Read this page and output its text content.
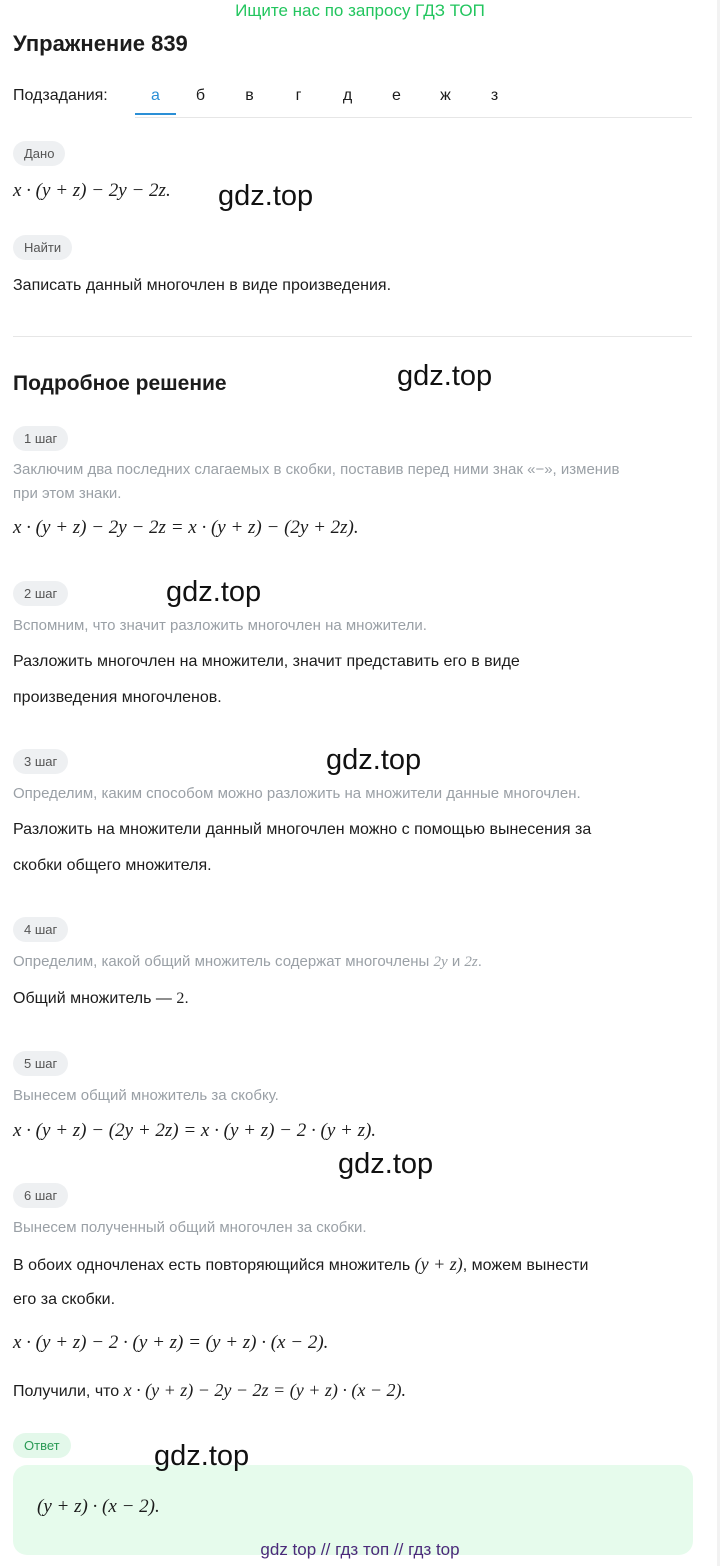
Ищите нас по запросу ГДЗ ТОП
Упражнение 839
Подзадания:	а	б	в	г	д	е	ж	з
Дано
x · (y + z) − 2y − 2z.
Найти
Записать данный многочлен в виде произведения.
Подробное решение
1 шаг
Заключим два последних слагаемых в скобки, поставив перед ними знак «−», изменив
при этом знаки.
x · (y + z) − 2y − 2z = x · (y + z) − (2y + 2z).
2 шаг
Вспомним, что значит разложить многочлен на множители.
Разложить многочлен на множители, значит представить его в виде
произведения многочленов.
3 шаг
Определим, каким способом можно разложить на множители данные многочлен.
Разложить на множители данный многочлен можно с помощью вынесения за
скобки общего множителя.
4 шаг
Определим, какой общий множитель содержат многочлены 2y и 2z.
Общий множитель — 2.
5 шаг
Вынесем общий множитель за скобку.
x · (y + z) − (2y + 2z) = x · (y + z) − 2 · (y + z).
6 шаг
Вынесем полученный общий многочлен за скобки.
В обоих одночленах есть повторяющийся множитель (y + z), можем вынести
его за скобки.
x · (y + z) − 2 · (y + z) = (y + z) · (x − 2).
Получили, что x · (y + z) − 2y − 2z = (y + z) · (x − 2).
Ответ
(y + z) · (x − 2).
gdz.top
gdz.top
gdz.top
gdz.top
gdz.top
gdz.top
gdz top // гдз топ // гдз top
